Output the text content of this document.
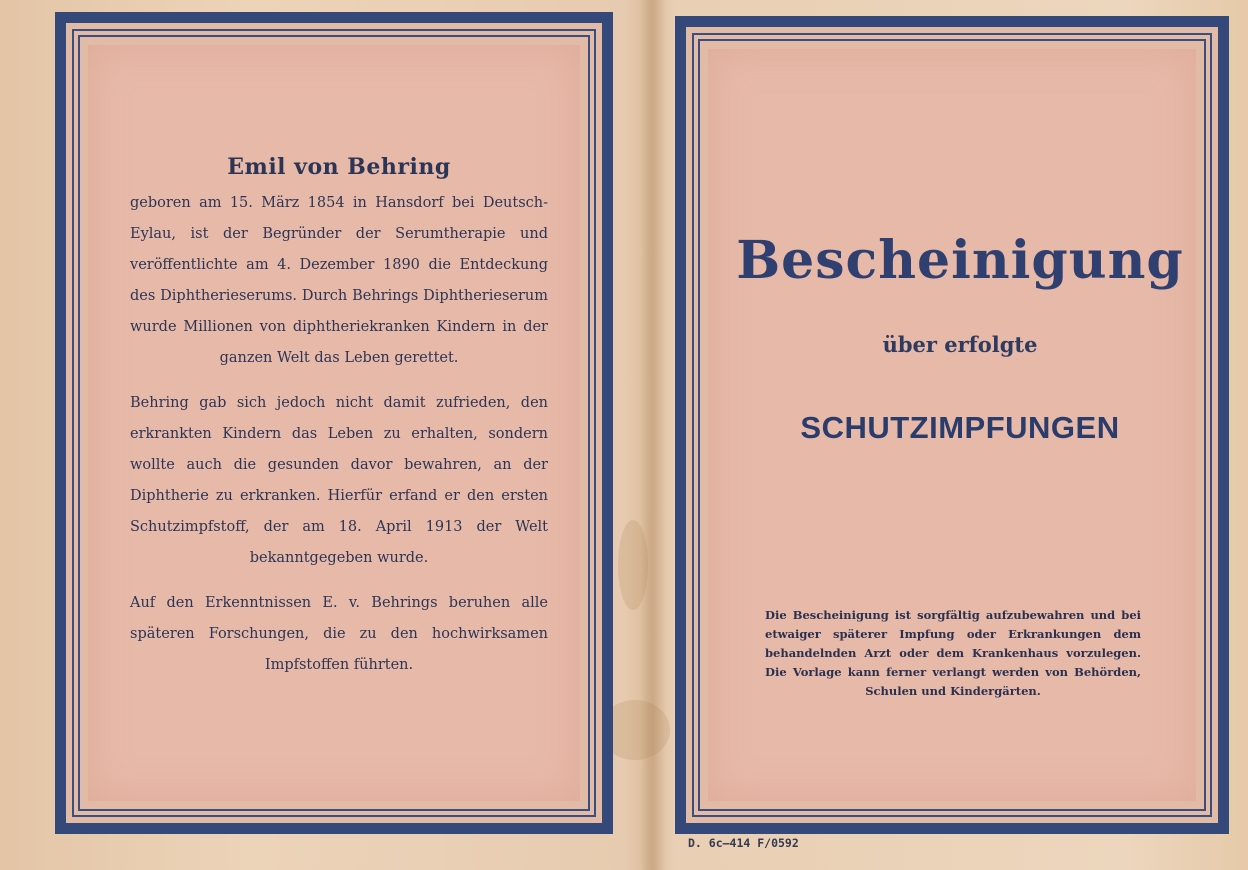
Emil von Behring

geboren am 15. März 1854 in Hansdorf bei Deutsch-Eylau, ist der Begründer der Serumtherapie und veröffentlichte am 4. Dezember 1890 die Entdeckung des Diphtherieserums. Durch Behrings Diphtherieserum wurde Millionen von diphtheriekranken Kindern in der ganzen Welt das Leben gerettet.

Behring gab sich jedoch nicht damit zufrieden, den erkrankten Kindern das Leben zu erhalten, sondern wollte auch die gesunden davor bewahren, an der Diphtherie zu erkranken. Hierfür erfand er den ersten Schutzimpfstoff, der am 18. April 1913 der Welt bekanntgegeben wurde.

Auf den Erkenntnissen E. v. Behrings beruhen alle späteren Forschungen, die zu den hochwirksamen Impfstoffen führten.

Bescheinigung
über erfolgte
SCHUTZIMPFUNGEN
Die Bescheinigung ist sorgfältig aufzubewahren und bei etwaiger späterer Impfung oder Erkrankungen dem behandelnden Arzt oder dem Krankenhaus vorzulegen. Die Vorlage kann ferner verlangt werden von Behörden, Schulen und Kindergärten.
D. 6c—414 F/0592
